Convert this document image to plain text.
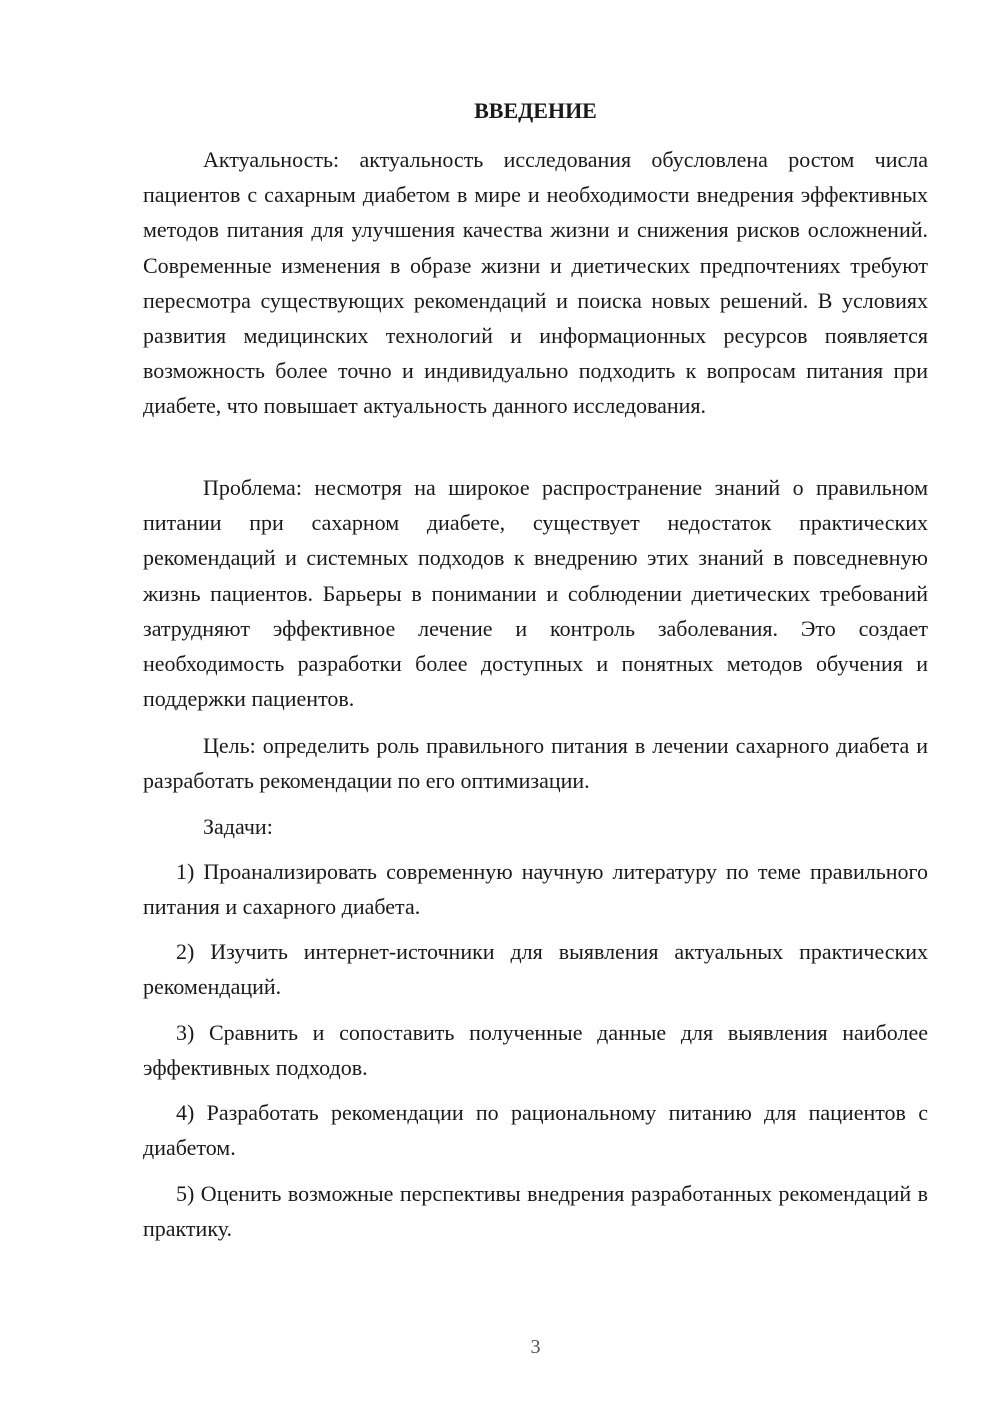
ВВЕДЕНИЕ

Актуальность: актуальность исследования обусловлена ростом числа пациентов с сахарным диабетом в мире и необходимости внедрения эффективных методов питания для улучшения качества жизни и снижения рисков осложнений. Современные изменения в образе жизни и диетических предпочтениях требуют пересмотра существующих рекомендаций и поиска новых решений. В условиях развития медицинских технологий и информационных ресурсов появляется возможность более точно и индивидуально подходить к вопросам питания при диабете, что повышает актуальность данного исследования.

Проблема: несмотря на широкое распространение знаний о правильном питании при сахарном диабете, существует недостаток практических рекомендаций и системных подходов к внедрению этих знаний в повседневную жизнь пациентов. Барьеры в понимании и соблюдении диетических требований затрудняют эффективное лечение и контроль заболевания. Это создает необходимость разработки более доступных и понятных методов обучения и поддержки пациентов.

Цель: определить роль правильного питания в лечении сахарного диабета и разработать рекомендации по его оптимизации.

Задачи:

1) Проанализировать современную научную литературу по теме правильного питания и сахарного диабета.

2) Изучить интернет-источники для выявления актуальных практических рекомендаций.

3) Сравнить и сопоставить полученные данные для выявления наиболее эффективных подходов.

4) Разработать рекомендации по рациональному питанию для пациентов с диабетом.

5) Оценить возможные перспективы внедрения разработанных рекомендаций в практику.

3
